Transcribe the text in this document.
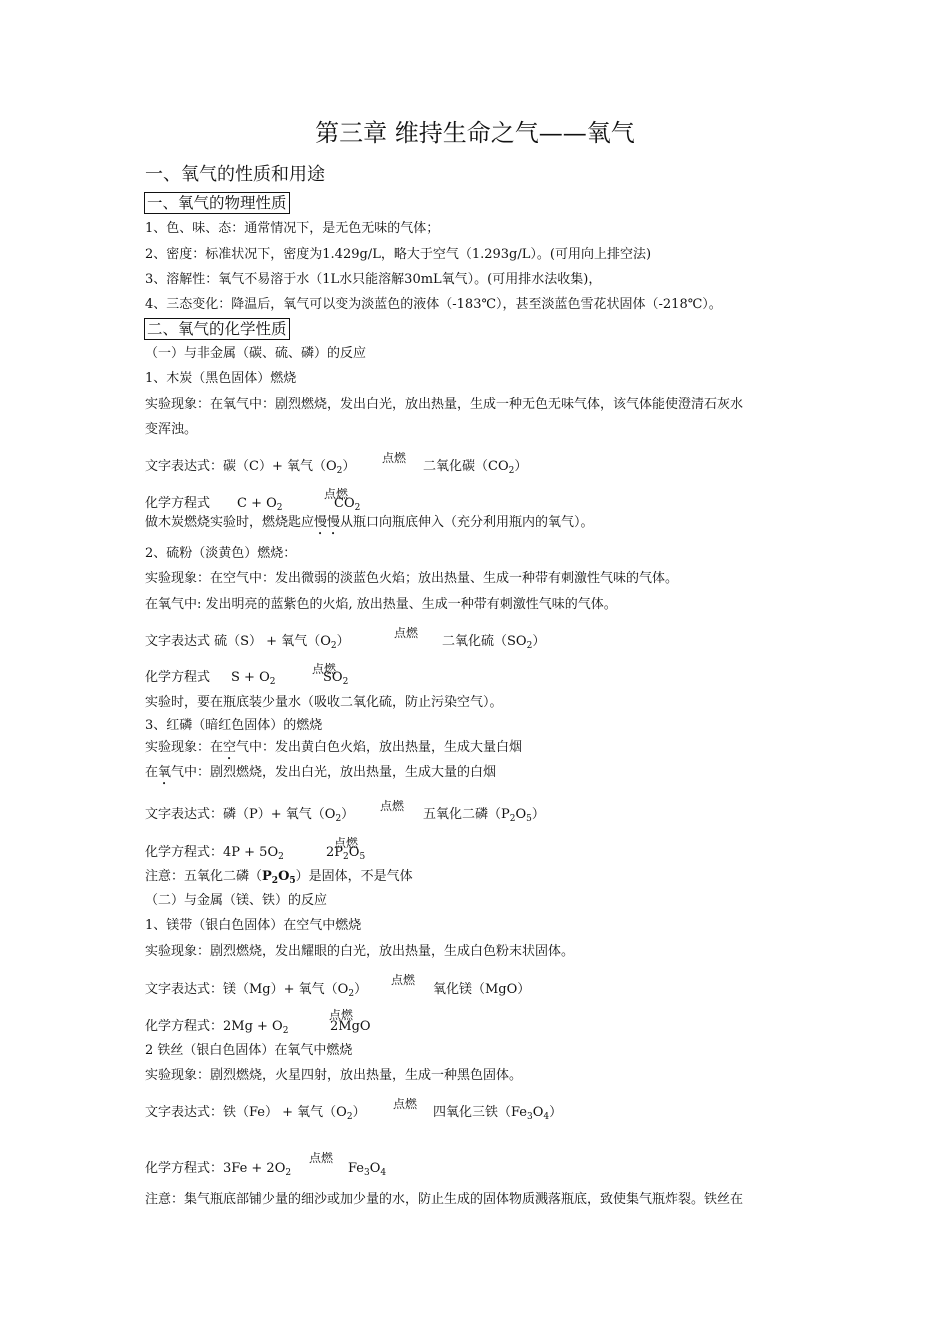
第三章 维持生命之气——氧气
一、氧气的性质和用途
一、氧气的物理性质
1、色、味、态：通常情况下，是无色无味的气体；
2、密度：标准状况下，密度为1.429g/L，略大于空气（1.293g/L）。(可用向上排空法)
3、溶解性：氧气不易溶于水（1L水只能溶解30mL氧气）。(可用排水法收集)，
4、三态变化：降温后，氧气可以变为淡蓝色的液体（-183℃），甚至淡蓝色雪花状固体（-218℃）。
二、氧气的化学性质
（一）与非金属（碳、硫、磷）的反应
1、木炭（黑色固体）燃烧
实验现象：在氧气中：剧烈燃烧，发出白光，放出热量，生成一种无色无味气体，该气体能使澄清石灰水
变浑浊。
文字表达式：碳（C）+ 氧气$(O_2)$
点燃
二氧化碳$(CO_2)$
化学方程式 $C + O_2$
点燃
$CO_2$
做木炭燃烧实验时，燃烧匙应慢慢从瓶口向瓶底伸入（充分利用瓶内的氧气）。
2、硫粉（淡黄色）燃烧：
实验现象：在空气中：发出微弱的淡蓝色火焰；放出热量、生成一种带有刺激性气味的气体。
在氧气中: 发出明亮的蓝紫色的火焰, 放出热量、生成一种带有刺激性气味的气体。
文字表达式 硫（S） + 氧气$(O_2)$
点燃
二氧化硫$(SO_2)$
化学方程式 $S + O_2$
点燃
$SO_2$
实验时，要在瓶底装少量水（吸收二氧化硫，防止污染空气）。
3、红磷（暗红色固体）的燃烧
实验现象：在空气中：发出黄白色火焰，放出热量，生成大量白烟
在氧气中：剧烈燃烧，发出白光，放出热量，生成大量的白烟
文字表达式：磷（P）+ 氧气$(O_2)$
点燃
五氧化二磷$(P_2O_5)$
化学方程式：$4P + 5O_2$
点燃
$2P_2O_5$
注意：五氧化二磷$(P_2O_5)$是固体，不是气体
（二）与金属（镁、铁）的反应
1、镁带（银白色固体）在空气中燃烧
实验现象：剧烈燃烧，发出耀眼的白光，放出热量，生成白色粉末状固体。
文字表达式：镁（Mg）+ 氧气$(O_2)$
点燃
氧化镁（MgO）
化学方程式：$2Mg + O_2$
点燃
2MgO
2 铁丝（银白色固体）在氧气中燃烧
实验现象：剧烈燃烧，火星四射，放出热量，生成一种黑色固体。
文字表达式：铁（Fe） + 氧气$(O_2)$
点燃
四氧化三铁$(Fe_3O_4)$
化学方程式：$3Fe + 2O_2$
点燃
$Fe_3O_4$
注意：集气瓶底部铺少量的细沙或加少量的水，防止生成的固体物质溅落瓶底，致使集气瓶炸裂。铁丝在
